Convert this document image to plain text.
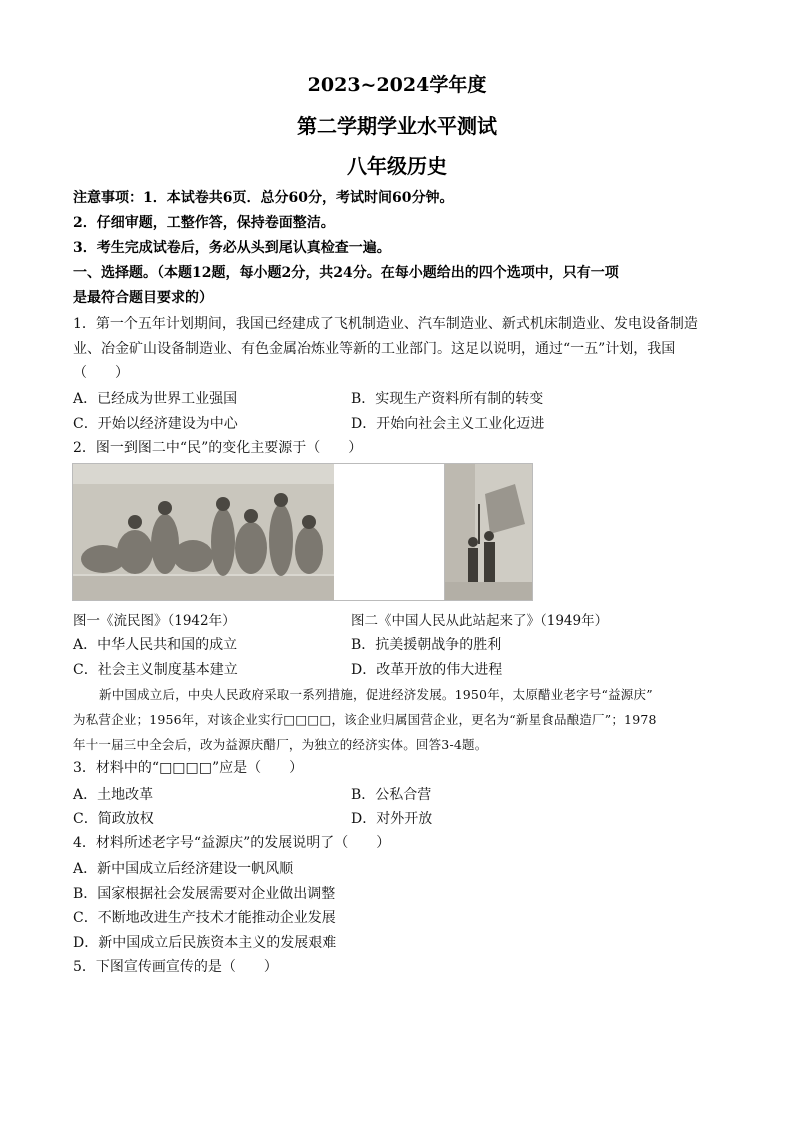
2023~2024学年度
第二学期学业水平测试
八年级历史
注意事项：1．本试卷共6页．总分60分，考试时间60分钟。
2．仔细审题，工整作答，保持卷面整洁。
3．考生完成试卷后，务必从头到尾认真检查一遍。
一、选择题。（本题12题，每小题2分，共24分。在每小题给出的四个选项中，只有一项
是最符合题目要求的）
1．第一个五年计划期间，我国已经建成了飞机制造业、汽车制造业、新式机床制造业、发电设备制造
业、冶金矿山设备制造业、有色金属冶炼业等新的工业部门。这足以说明，通过“一五”计划，我国
（　　）
A．已经成为世界工业强国	B．实现生产资料所有制的转变
C．开始以经济建设为中心	D．开始向社会主义工业化迈进
2．图一到图二中“民”的变化主要源于（　　）
图一《流民图》（1942年）	图二《中国人民从此站起来了》（1949年）
A．中华人民共和国的成立	B．抗美援朝战争的胜利
C．社会主义制度基本建立	D．改革开放的伟大进程
新中国成立后，中央人民政府采取一系列措施，促进经济发展。1950年，太原醋业老字号“益源庆”
为私营企业；1956年，对该企业实行□□□□，该企业归属国营企业，更名为“新星食品酿造厂”；1978
年十一届三中全会后，改为益源庆醋厂，为独立的经济实体。回答3-4题。
3．材料中的“□□□□”应是（　　）
A．土地改革	B．公私合营
C．简政放权	D．对外开放
4．材料所述老字号“益源庆”的发展说明了（　　）
A．新中国成立后经济建设一帆风顺
B．国家根据社会发展需要对企业做出调整
C．不断地改进生产技术才能推动企业发展
D．新中国成立后民族资本主义的发展艰难
5．下图宣传画宣传的是（　　）
